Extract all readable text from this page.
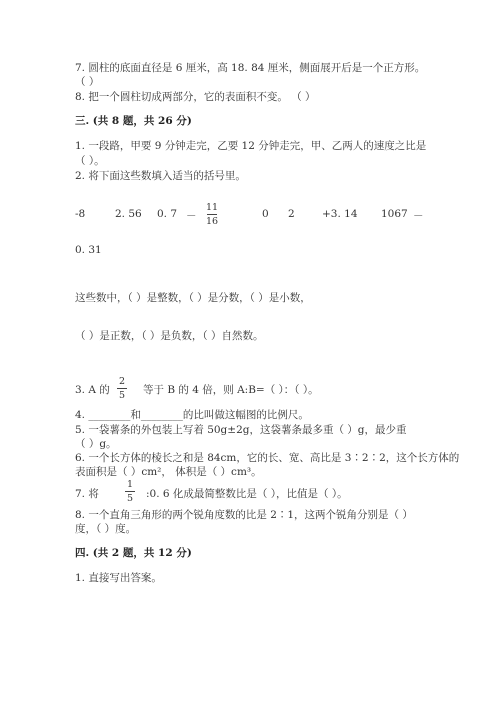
7. 圆柱的底面直径是 6 厘米，高 18. 84 厘米，侧面展开后是一个正方形。
（ ）
8. 把一个圆柱切成两部分，它的表面积不变。 （ ）
三. (共 8 题，共 26 分)
1. 一段路，甲要 9 分钟走完，乙要 12 分钟走完，甲、乙两人的速度之比是
（ ）。
2. 将下面这些数填入适当的括号里。
-8	2. 56 0. 7 －
11
16
0 2	+3. 14 1067 －
0. 31
这些数中，（ ）是整数，（ ）是分数，（ ）是小数，
（ ）是正数，（ ）是负数，（ ）自然数。
3. A 的
2
5 等于 B 的 4 倍，则 A:B=（ ）：（ ）。
4. ________和________的比叫做这幅图的比例尺。
5. 一袋薯条的外包装上写着 50g±2g，这袋薯条最多重（ ）g，最少重
（ ）g。
6. 一个长方体的棱长之和是 84cm，它的长、宽、高比是 3∶2∶2，这个长方体的
表面积是（ ）cm²， 体积是（ ）cm³。
7. 将
1
5 :0. 6 化成最简整数比是（ ），比值是（ ）。
8. 一个直角三角形的两个锐角度数的比是 2∶1，这两个锐角分别是（ ）
度，（ ）度。
四. (共 2 题，共 12 分)
1. 直接写出答案。
